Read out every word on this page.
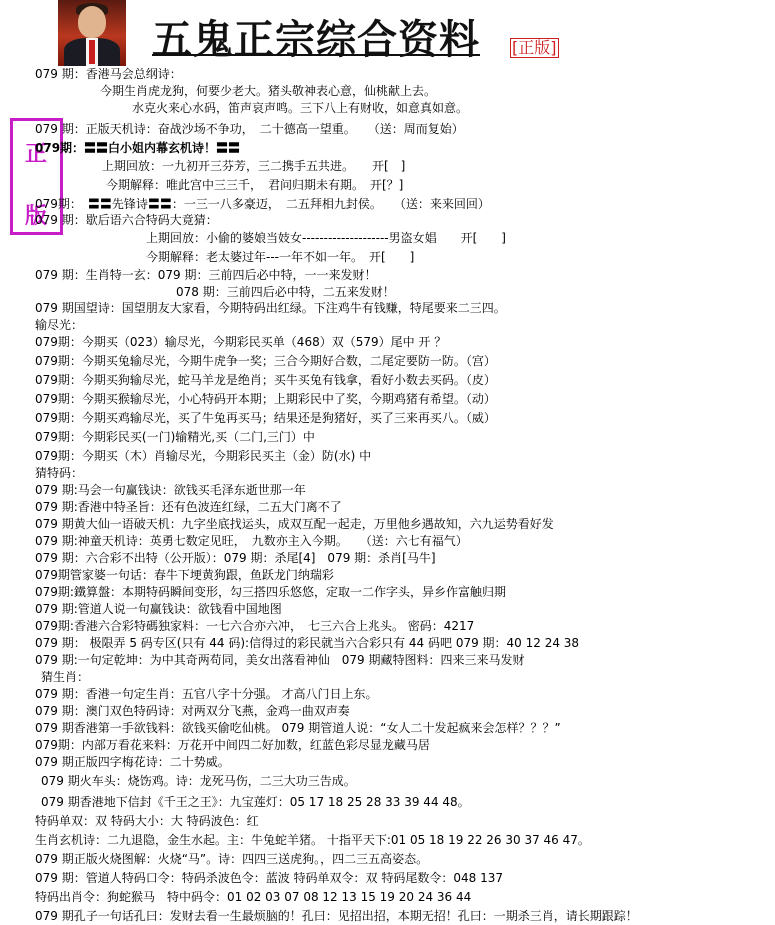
五鬼正宗综合资料 [正版]
正
版
079 期：香港马会总纲诗：
今期生肖虎龙狗，何要少老大。猪头敬神表心意，仙桃献上去。
水克火来心水码，笛声哀声鸣。三下八上有财收，如意真如意。
079 期：正版天机诗：奋战沙场不争功，　二十德高一望重。　　（送：周而复始）
079期：〓〓白小姐内幕玄机诗！〓〓
上期回放：一九初开三芬芳，三二携手五共进。　　开[　]
今期解释：唯此宫中三三千，　君问归期未有期。　开[？]
079期：　〓〓先锋诗〓〓：一三一八多豪迈，　二五拜相九封侯。　　（送：来来回回）
079 期：歇后语六合特码大竟猜：
上期回放：小偷的婆娘当妓女--------------------男盗女娼　　开[　　]
今期解释：老太婆过年---一年不如一年。　开[　　]
079 期：生肖特一玄：079 期：三前四后必中特，一一来发财！
078 期：三前四后必中特，二五来发财！
079 期国望诗：国望朋友大家看，今期特码出红绿。下注鸡牛有钱赚，特尾要来二三四。
输尽光：
079期：今期买（023）输尽光，今期彩民买单（468）双（579）尾中 开 ？
079期：今期买兔输尽光，今期牛虎争一奖；三合今期好合数，二尾定要防一防。（宫）
079期：今期买狗输尽光，蛇马羊龙是绝肖；买牛买兔有钱拿，看好小数去买码。（皮）
079期：今期买猴输尽光，小心特码开本期；上期彩民中了奖，今期鸡猪有希望。（动）
079期：今期买鸡输尽光，买了牛兔再买马；结果还是狗猪好，买了三来再买八。（威）
079期：今期彩民买(一门)输精光,买（二门,三门）中
079期：今期买（木）肖输尽光，今期彩民买主（金）防(水) 中
猜特码：
079 期:马会一句赢钱诀：欲钱买毛泽东逝世那一年
079 期:香港中特圣旨：还有色波连红绿，二五大门离不了
079 期黄大仙一语破天机：九字坐底找运头，成双互配一起走，万里他乡遇故知，六九运势看好发
079 期:神童天机诗：英勇七数定见旺，　九数亦主入今期。　　（送：六七有福气）
079 期：六合彩不出特（公开版）：079 期：杀尾[4]　079 期：杀肖[马牛]
079期管家婆一句话：春牛下埂黄狗跟，鱼跃龙门纳瑞彩
079期:鐵算盤：本期特码瞬间变形，勾三搭四乐悠悠，定取一二作字头，异乡作富触归期
079 期:管道人说一句赢钱诀：欲钱看中国地图
079期:香港六合彩特碼独家料：一七六合亦六冲，　七三六合上兆头。 密码：4217
079 期： 极限弄 5 码专区(只有 44 码):信得过的彩民就当六合彩只有 44 码吧 079 期：40 12 24 38
079 期:一句定乾坤：为中其奇两苟同，美女出落看神仙　079 期藏特图料：四来三来马发财
猜生肖：
079 期：香港一句定生肖：五官八字十分强。 才高八门日上东。
079 期：澳门双色特码诗：对两双分飞燕，金鸡一曲双声奏
079 期香港第一手欲钱料：欲钱买偷吃仙桃。 079 期管道人说：“女人二十发起疯来会怎样？？？”
079期：内部万看花来料：万花开中间四二好加数，红蓝色彩尽显龙藏马居
079 期正版四字梅花诗：二十势威。
079 期火车头：烧饬鸡。诗：龙死马伤，二三大功三告成。
079 期香港地下信封《千王之王》：九宝莲灯：05 17 18 25 28 33 39 44 48。
特码单双：双 特码大小：大 特码波色：红
生肖玄机诗：二九退隐，金生水起。主：牛兔蛇羊猪。 十指平天下:01 05 18 19 22 26 30 37 46 47。
079 期正版火烧图解：火烧“马”。诗：四四三送虎狗。，四二三五高姿态。
079 期：管道人特码口令：特码杀波色令：蓝波 特码单双令：双 特码尾数令：048 137
特码出肖令：狗蛇猴马　特中码令：01 02 03 07 08 12 13 15 19 20 24 36 44
079 期孔子一句话孔曰：发财去看一生最烦脑的！孔曰：见招出招，本期无招！孔曰：一期杀三肖，请长期跟踪！
